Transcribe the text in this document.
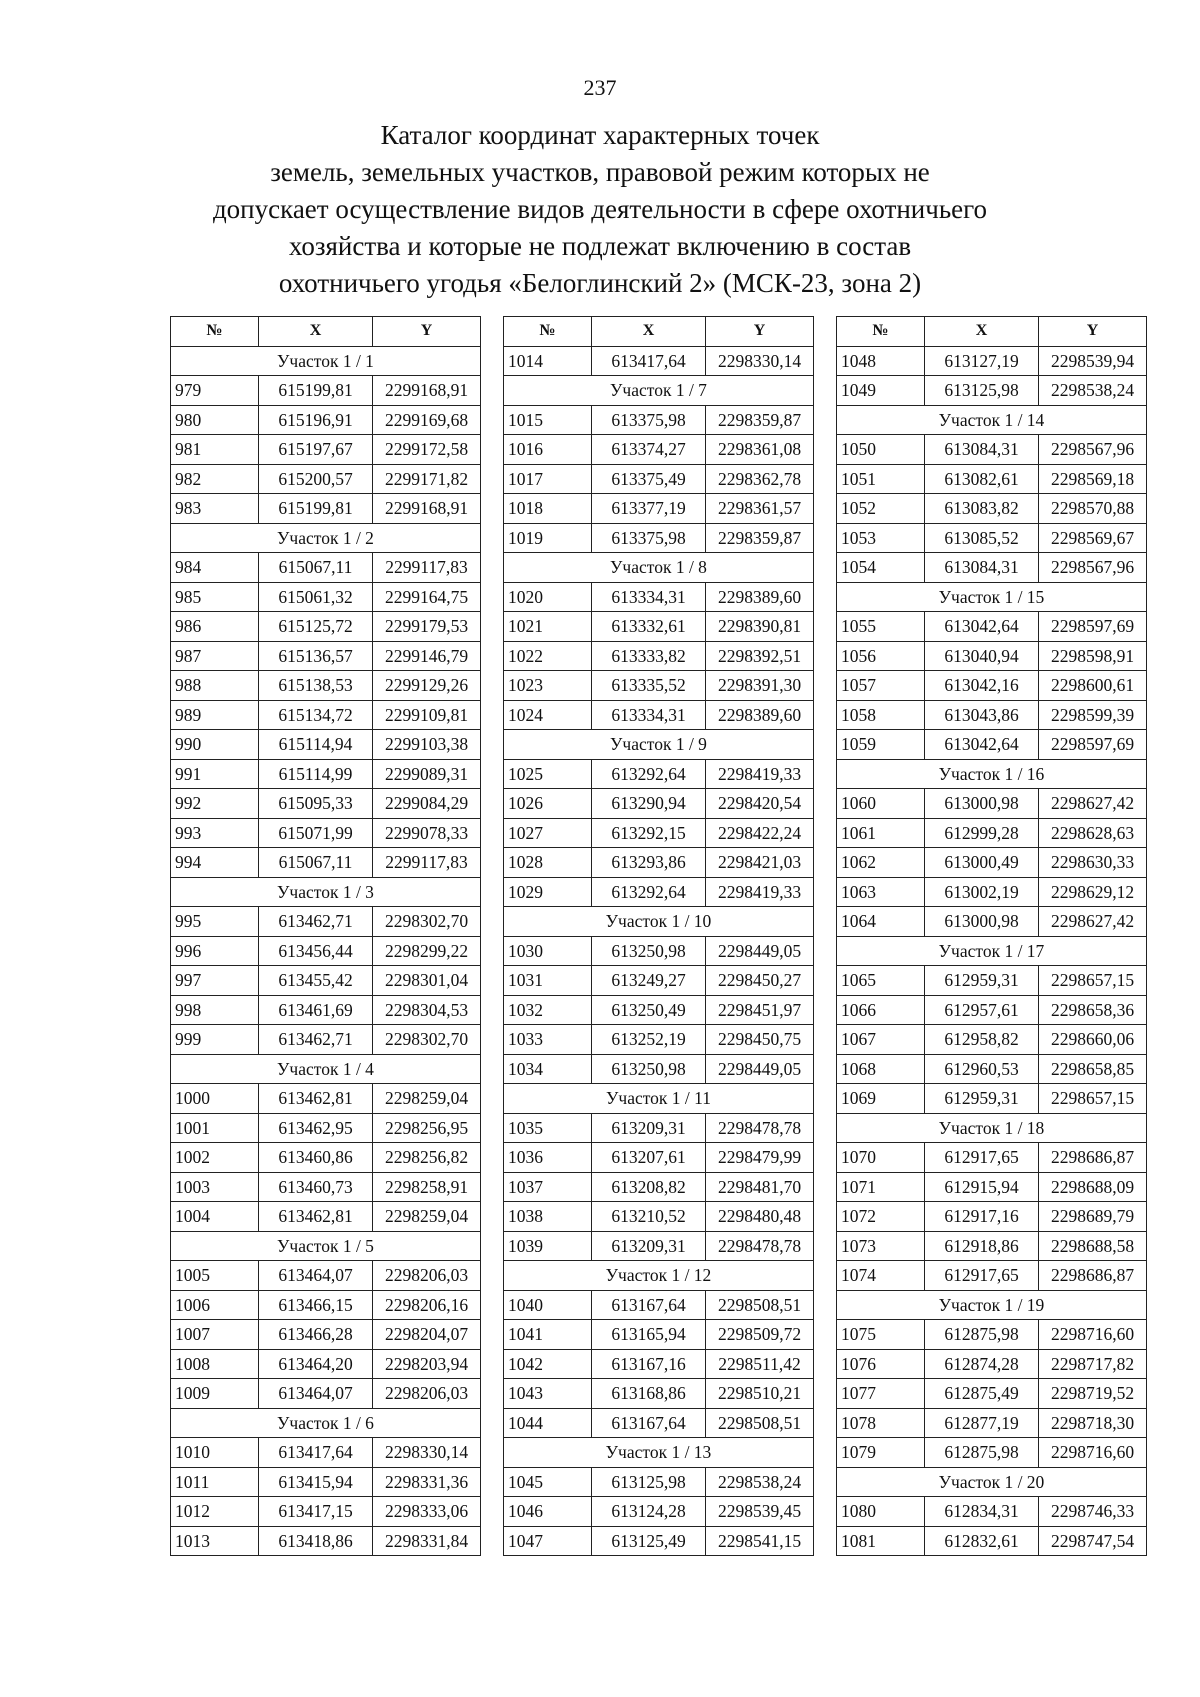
237
Каталог координат характерных точек
земель, земельных участков, правовой режим которых не
допускает осуществление видов деятельности в сфере охотничьего
хозяйства и которые не подлежат включению в состав
охотничьего угодья «Белоглинский 2» (МСК-23, зона 2)
№	X	Y
Участок 1 / 1		
979	615199,81	2299168,91
980	615196,91	2299169,68
981	615197,67	2299172,58
982	615200,57	2299171,82
983	615199,81	2299168,91
Участок 1 / 2		
984	615067,11	2299117,83
985	615061,32	2299164,75
986	615125,72	2299179,53
987	615136,57	2299146,79
988	615138,53	2299129,26
989	615134,72	2299109,81
990	615114,94	2299103,38
991	615114,99	2299089,31
992	615095,33	2299084,29
993	615071,99	2299078,33
994	615067,11	2299117,83
Участок 1 / 3		
995	613462,71	2298302,70
996	613456,44	2298299,22
997	613455,42	2298301,04
998	613461,69	2298304,53
999	613462,71	2298302,70
Участок 1 / 4		
1000	613462,81	2298259,04
1001	613462,95	2298256,95
1002	613460,86	2298256,82
1003	613460,73	2298258,91
1004	613462,81	2298259,04
Участок 1 / 5		
1005	613464,07	2298206,03
1006	613466,15	2298206,16
1007	613466,28	2298204,07
1008	613464,20	2298203,94
1009	613464,07	2298206,03
Участок 1 / 6		
1010	613417,64	2298330,14
1011	613415,94	2298331,36
1012	613417,15	2298333,06
1013	613418,86	2298331,84
№	X	Y
1014	613417,64	2298330,14
Участок 1 / 7		
1015	613375,98	2298359,87
1016	613374,27	2298361,08
1017	613375,49	2298362,78
1018	613377,19	2298361,57
1019	613375,98	2298359,87
Участок 1 / 8		
1020	613334,31	2298389,60
1021	613332,61	2298390,81
1022	613333,82	2298392,51
1023	613335,52	2298391,30
1024	613334,31	2298389,60
Участок 1 / 9		
1025	613292,64	2298419,33
1026	613290,94	2298420,54
1027	613292,15	2298422,24
1028	613293,86	2298421,03
1029	613292,64	2298419,33
Участок 1 / 10		
1030	613250,98	2298449,05
1031	613249,27	2298450,27
1032	613250,49	2298451,97
1033	613252,19	2298450,75
1034	613250,98	2298449,05
Участок 1 / 11		
1035	613209,31	2298478,78
1036	613207,61	2298479,99
1037	613208,82	2298481,70
1038	613210,52	2298480,48
1039	613209,31	2298478,78
Участок 1 / 12		
1040	613167,64	2298508,51
1041	613165,94	2298509,72
1042	613167,16	2298511,42
1043	613168,86	2298510,21
1044	613167,64	2298508,51
Участок 1 / 13		
1045	613125,98	2298538,24
1046	613124,28	2298539,45
1047	613125,49	2298541,15
№	X	Y
1048	613127,19	2298539,94
1049	613125,98	2298538,24
Участок 1 / 14		
1050	613084,31	2298567,96
1051	613082,61	2298569,18
1052	613083,82	2298570,88
1053	613085,52	2298569,67
1054	613084,31	2298567,96
Участок 1 / 15		
1055	613042,64	2298597,69
1056	613040,94	2298598,91
1057	613042,16	2298600,61
1058	613043,86	2298599,39
1059	613042,64	2298597,69
Участок 1 / 16		
1060	613000,98	2298627,42
1061	612999,28	2298628,63
1062	613000,49	2298630,33
1063	613002,19	2298629,12
1064	613000,98	2298627,42
Участок 1 / 17		
1065	612959,31	2298657,15
1066	612957,61	2298658,36
1067	612958,82	2298660,06
1068	612960,53	2298658,85
1069	612959,31	2298657,15
Участок 1 / 18		
1070	612917,65	2298686,87
1071	612915,94	2298688,09
1072	612917,16	2298689,79
1073	612918,86	2298688,58
1074	612917,65	2298686,87
Участок 1 / 19		
1075	612875,98	2298716,60
1076	612874,28	2298717,82
1077	612875,49	2298719,52
1078	612877,19	2298718,30
1079	612875,98	2298716,60
Участок 1 / 20		
1080	612834,31	2298746,33
1081	612832,61	2298747,54
